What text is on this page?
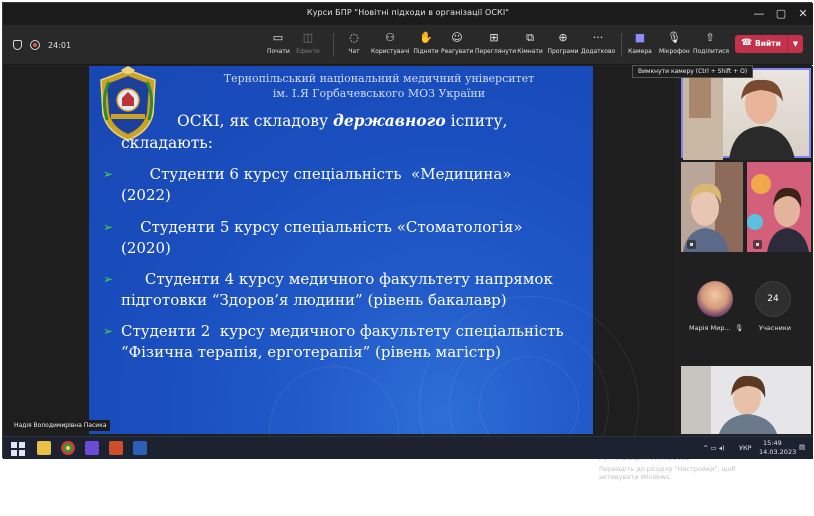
Курси БПР "Новітні підходи в організації ОСКІ"	— ▢	✕
24:01
▭
Почати
◫
Ефекти
◌
Чат
⚇
Користувачі
✋
Підняти
☺
Реагувати
⊞
Переглянути
⧉
Кімнати
⊕
Програми
···
Додатково
■
Камера
🎙
Мікрофон
⇧
Поділитися
☎ Вийти	▼
Тернопільський національний медичний університет
ім. І.Я Горбачевського МОЗ України
ОСКІ, як складову державного іспиту,
складають:
➢ Студенти 6 курсу спеціальність  «Медицина»
(2022)
➢ Студенти 5 курсу спеціальність «Стоматологія»
(2020)
➢ Студенти 4 курсу медичного факультету напрямок
підготовки “Здоров’я людини” (рівень бакалавр)
➢ Студенти 2  курсу медичного факультету спеціальність
“Фізична терапія, ерготерапія” (рівень магістр)
Перейдіть до розділу "Настройки", щоб активувати Windows.
Надія Володимирівна Пасика
▪	▪
Марія Мир... 🎙
24
Учасники
Вимкнути камеру (Ctrl + Shift + O)
^ ▭ ◂) УКР
15:49
14.03.2023
▤
